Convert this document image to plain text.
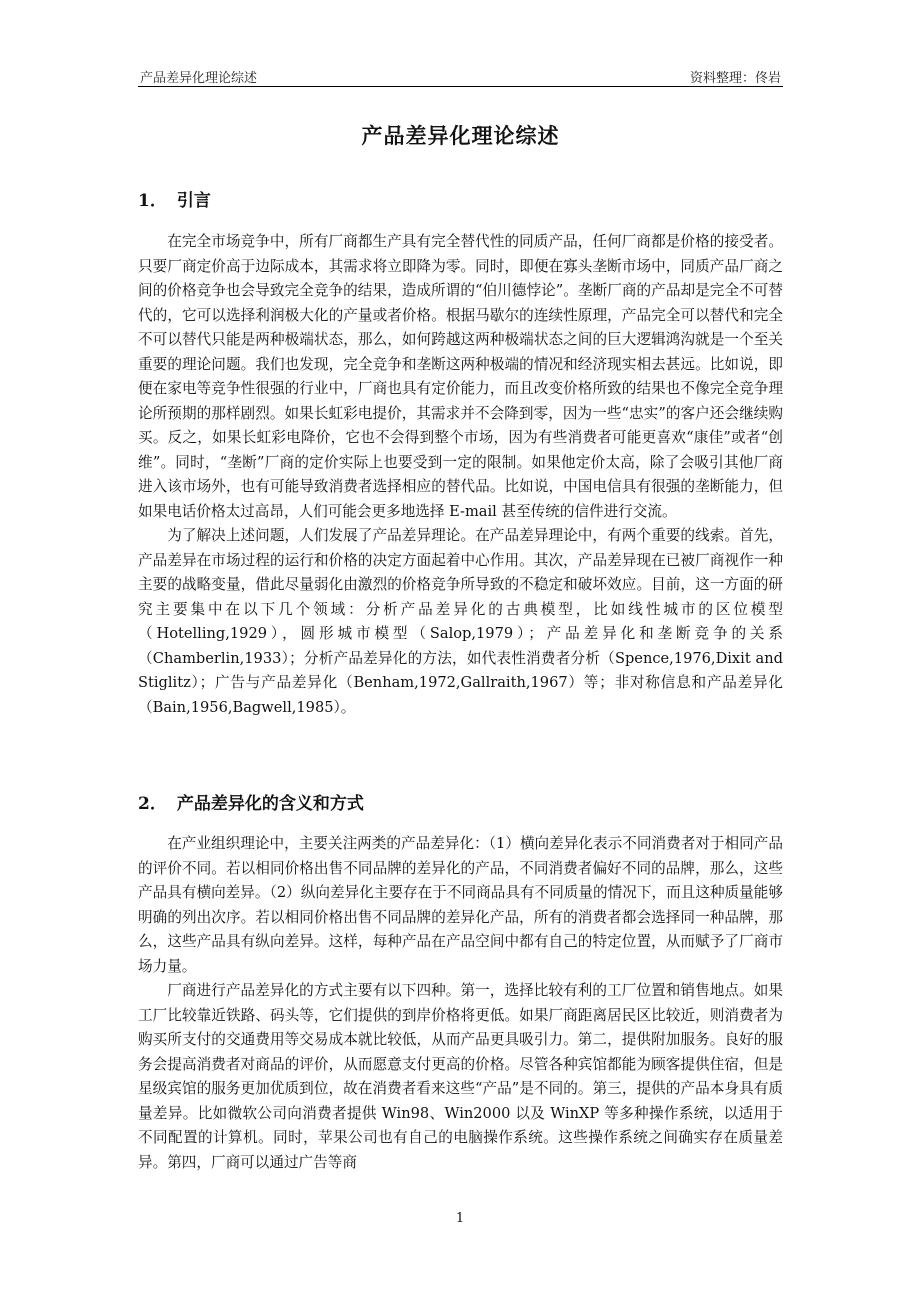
产品差异化理论综述	资料整理：佟岩
产品差异化理论综述
1． 引言

在完全市场竞争中，所有厂商都生产具有完全替代性的同质产品，任何厂商都是价格的接受者。只要厂商定价高于边际成本，其需求将立即降为零。同时，即便在寡头垄断市场中，同质产品厂商之间的价格竞争也会导致完全竞争的结果，造成所谓的“伯川德悖论”。垄断厂商的产品却是完全不可替代的，它可以选择利润极大化的产量或者价格。根据马歇尔的连续性原理，产品完全可以替代和完全不可以替代只能是两种极端状态，那么，如何跨越这两种极端状态之间的巨大逻辑鸿沟就是一个至关重要的理论问题。我们也发现，完全竞争和垄断这两种极端的情况和经济现实相去甚远。比如说，即便在家电等竞争性很强的行业中，厂商也具有定价能力，而且改变价格所致的结果也不像完全竞争理论所预期的那样剧烈。如果长虹彩电提价，其需求并不会降到零，因为一些“忠实”的客户还会继续购买。反之，如果长虹彩电降价，它也不会得到整个市场，因为有些消费者可能更喜欢“康佳”或者“创维”。同时，“垄断”厂商的定价实际上也要受到一定的限制。如果他定价太高，除了会吸引其他厂商进入该市场外，也有可能导致消费者选择相应的替代品。比如说，中国电信具有很强的垄断能力，但如果电话价格太过高昂，人们可能会更多地选择 E-mail 甚至传统的信件进行交流。

为了解决上述问题，人们发展了产品差异理论。在产品差异理论中，有两个重要的线索。首先，产品差异在市场过程的运行和价格的决定方面起着中心作用。其次，产品差异现在已被厂商视作一种主要的战略变量，借此尽量弱化由激烈的价格竞争所导致的不稳定和破坏效应。目前，这一方面的研究主要集中在以下几个领域：分析产品差异化的古典模型，比如线性城市的区位模型（Hotelling,1929），圆形城市模型（Salop,1979）；产品差异化和垄断竞争的关系（Chamberlin,1933）；分析产品差异化的方法，如代表性消费者分析（Spence,1976,Dixit and Stiglitz）；广告与产品差异化（Benham,1972,Gallraith,1967）等；非对称信息和产品差异化（Bain,1956,Bagwell,1985）。

2． 产品差异化的含义和方式

在产业组织理论中，主要关注两类的产品差异化：（1）横向差异化表示不同消费者对于相同产品的评价不同。若以相同价格出售不同品牌的差异化的产品，不同消费者偏好不同的品牌，那么，这些产品具有横向差异。（2）纵向差异化主要存在于不同商品具有不同质量的情况下，而且这种质量能够明确的列出次序。若以相同价格出售不同品牌的差异化产品，所有的消费者都会选择同一种品牌，那么，这些产品具有纵向差异。这样，每种产品在产品空间中都有自己的特定位置，从而赋予了厂商市场力量。

厂商进行产品差异化的方式主要有以下四种。第一，选择比较有利的工厂位置和销售地点。如果工厂比较靠近铁路、码头等，它们提供的到岸价格将更低。如果厂商距离居民区比较近，则消费者为购买所支付的交通费用等交易成本就比较低，从而产品更具吸引力。第二，提供附加服务。良好的服务会提高消费者对商品的评价，从而愿意支付更高的价格。尽管各种宾馆都能为顾客提供住宿，但是星级宾馆的服务更加优质到位，故在消费者看来这些“产品”是不同的。第三，提供的产品本身具有质量差异。比如微软公司向消费者提供 Win98、Win2000 以及 WinXP 等多种操作系统，以适用于不同配置的计算机。同时，苹果公司也有自己的电脑操作系统。这些操作系统之间确实存在质量差异。第四，厂商可以通过广告等商

1
